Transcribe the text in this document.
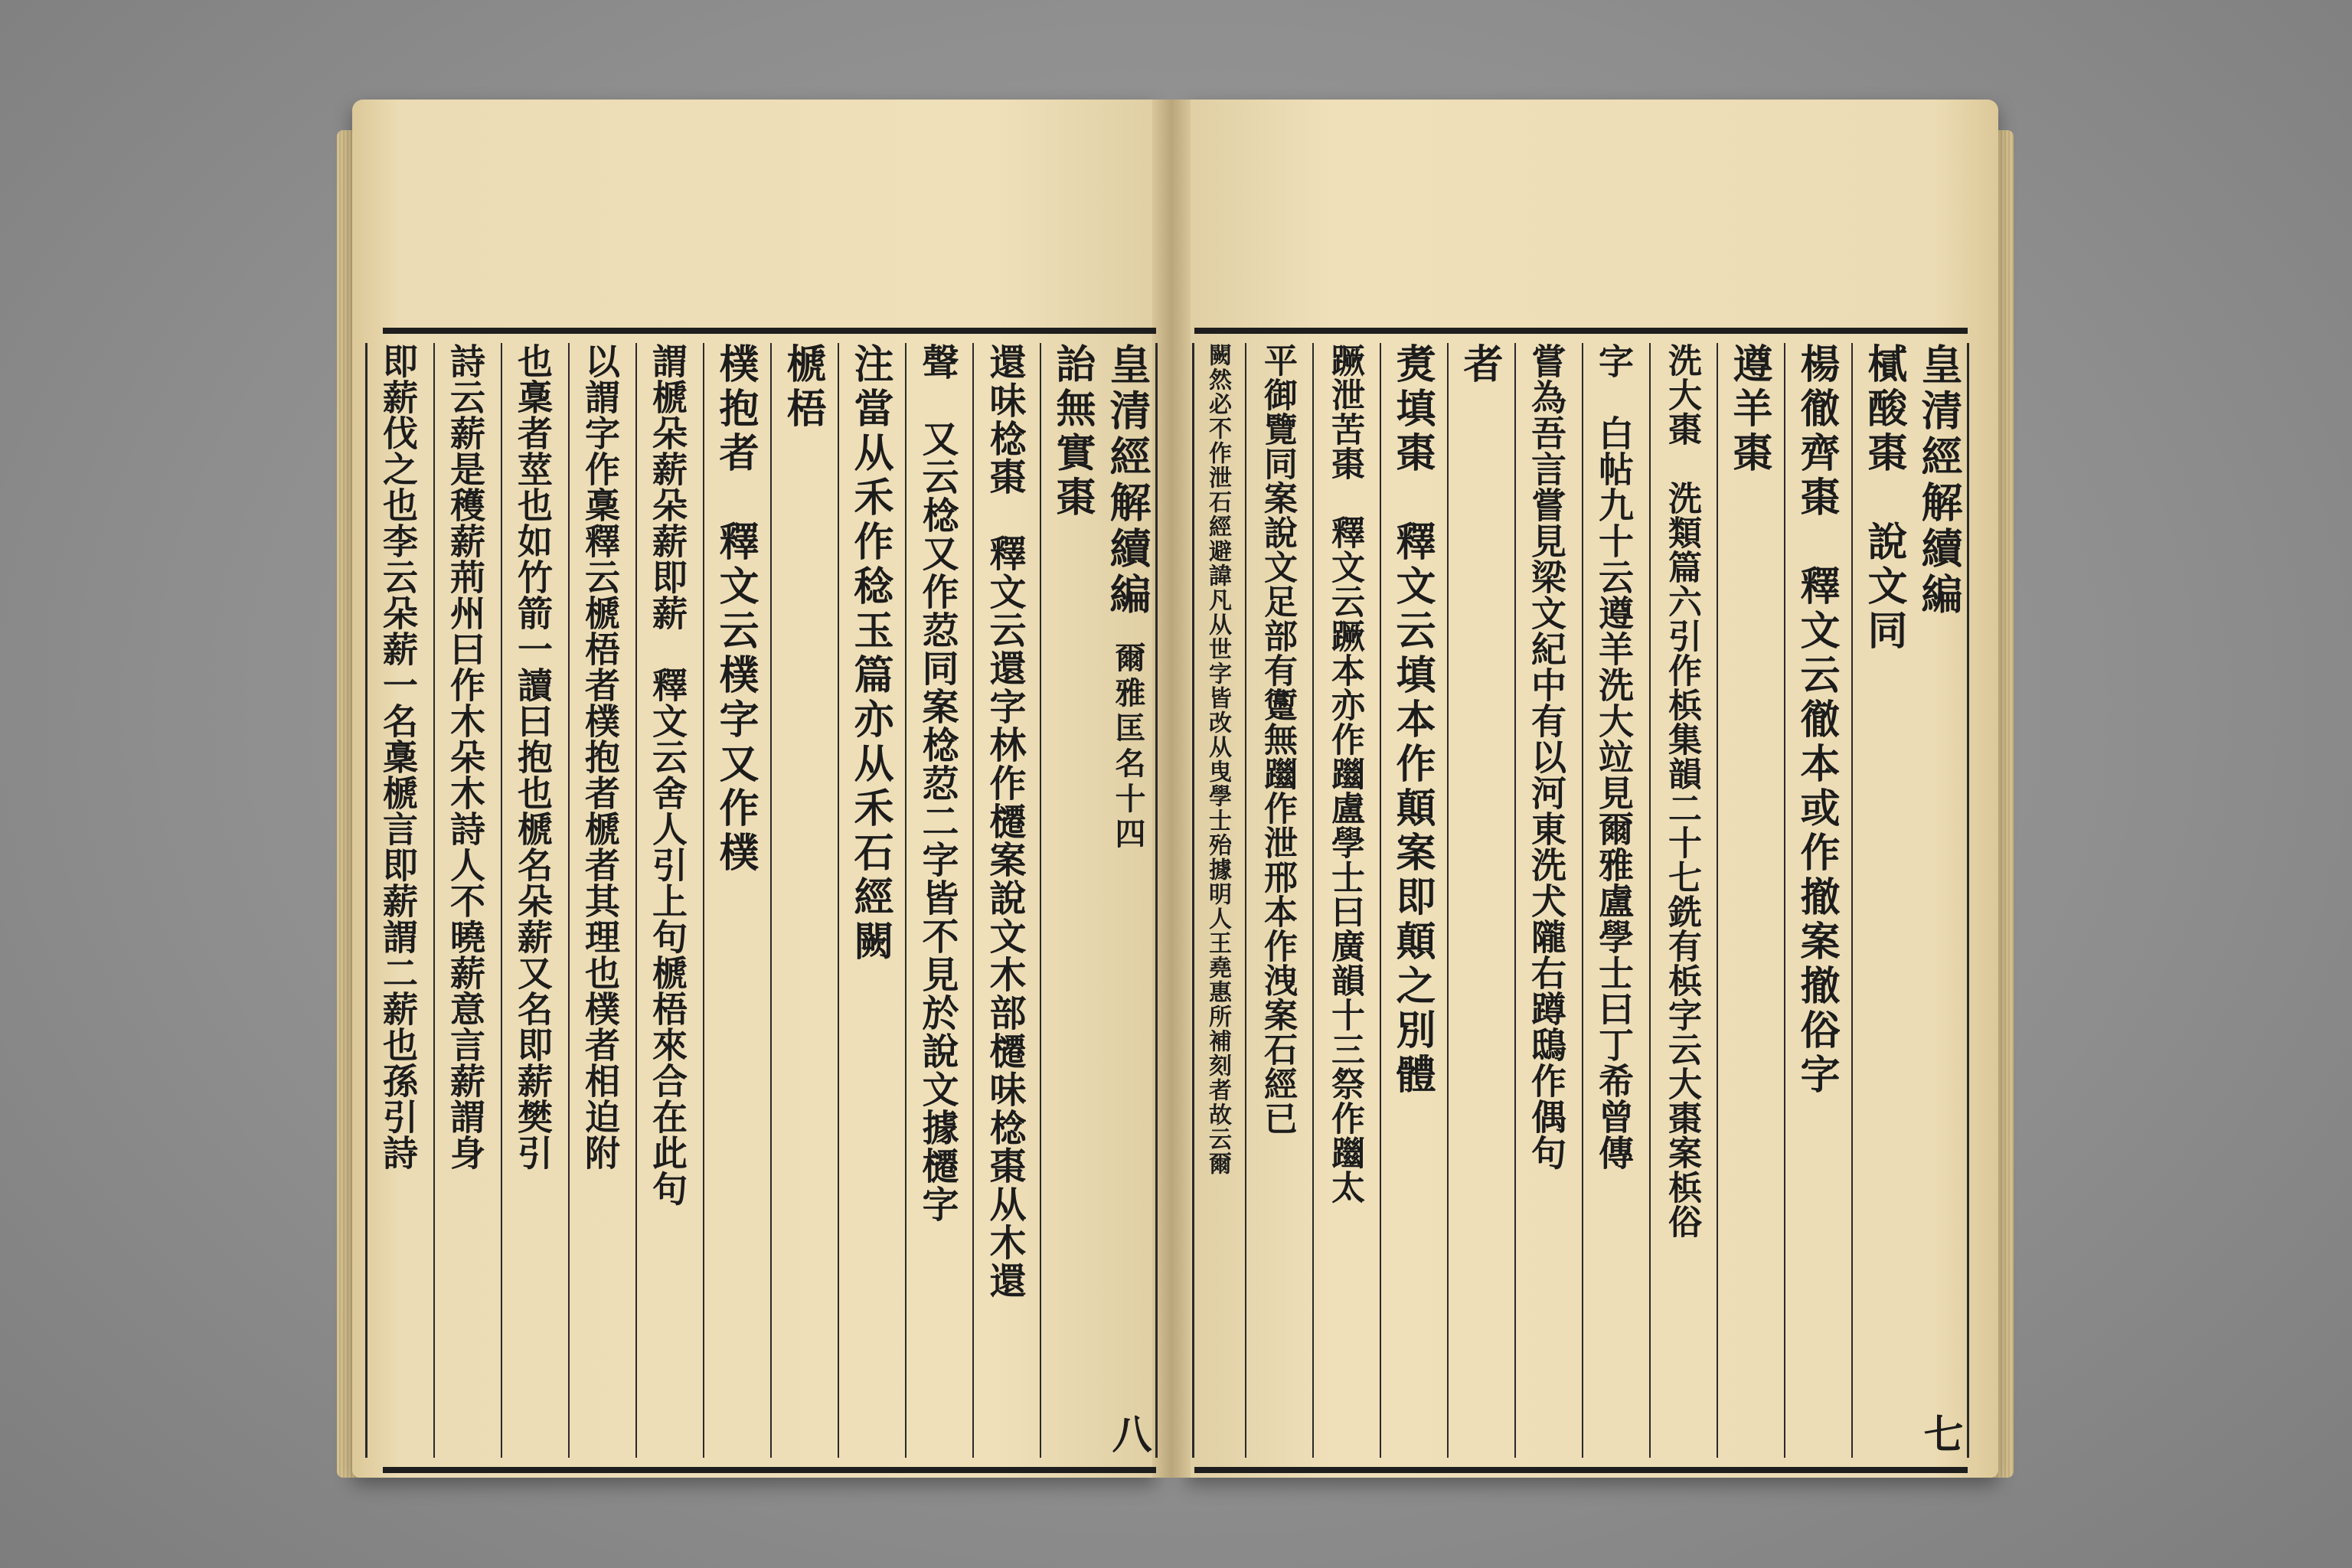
皇清經解續編
爾雅匡名十四
八
詒無實棗
還味棯棗　釋文云還字林作櫏案說文木部櫏味棯棗从木還
聲　又云棯又作荵同案棯荵二字皆不見於說文據櫏字
注當从禾作稔玉篇亦从禾石經闕
榹梧
樸抱者　釋文云樸字又作樸
謂榹朵薪朵薪即薪　釋文云舍人引上句榹梧來合在此句
以謂字作稾釋云榹梧者樸抱者榹者其理也樸者相迫附
也稾者莖也如竹箭一讀曰抱也榹名朵薪又名即薪樊引
詩云薪是穫薪荊州曰作木朵木詩人不曉薪意言薪謂身
即薪伐之也李云朵薪一名稾榹言即薪謂二薪也孫引詩	皇清經解續編
七
樲酸棗　說文同
楊徹齊棗　釋文云徹本或作撤案撤俗字
遵羊棗
洗大棗　洗類篇六引作梹集韻二十七銑有梹字云大棗案梹俗
字　白帖九十云遵羊洗大竝見爾雅盧學士曰丁希曾傳
嘗為吾言嘗見梁文紀中有以河東洗犬隴右蹲鴟作偶句
者
煑填棗　釋文云填本作顛案即顛之別體
蹶泄苦棗　釋文云蹶本亦作躖盧學士曰廣韻十三祭作躖太
平御覽同案說文足部有躛無躖作泄邢本作洩案石經已
闕然必不作泄石經避諱凡从世字皆改从曳學士殆據明人王堯惠所補刻者故云爾
